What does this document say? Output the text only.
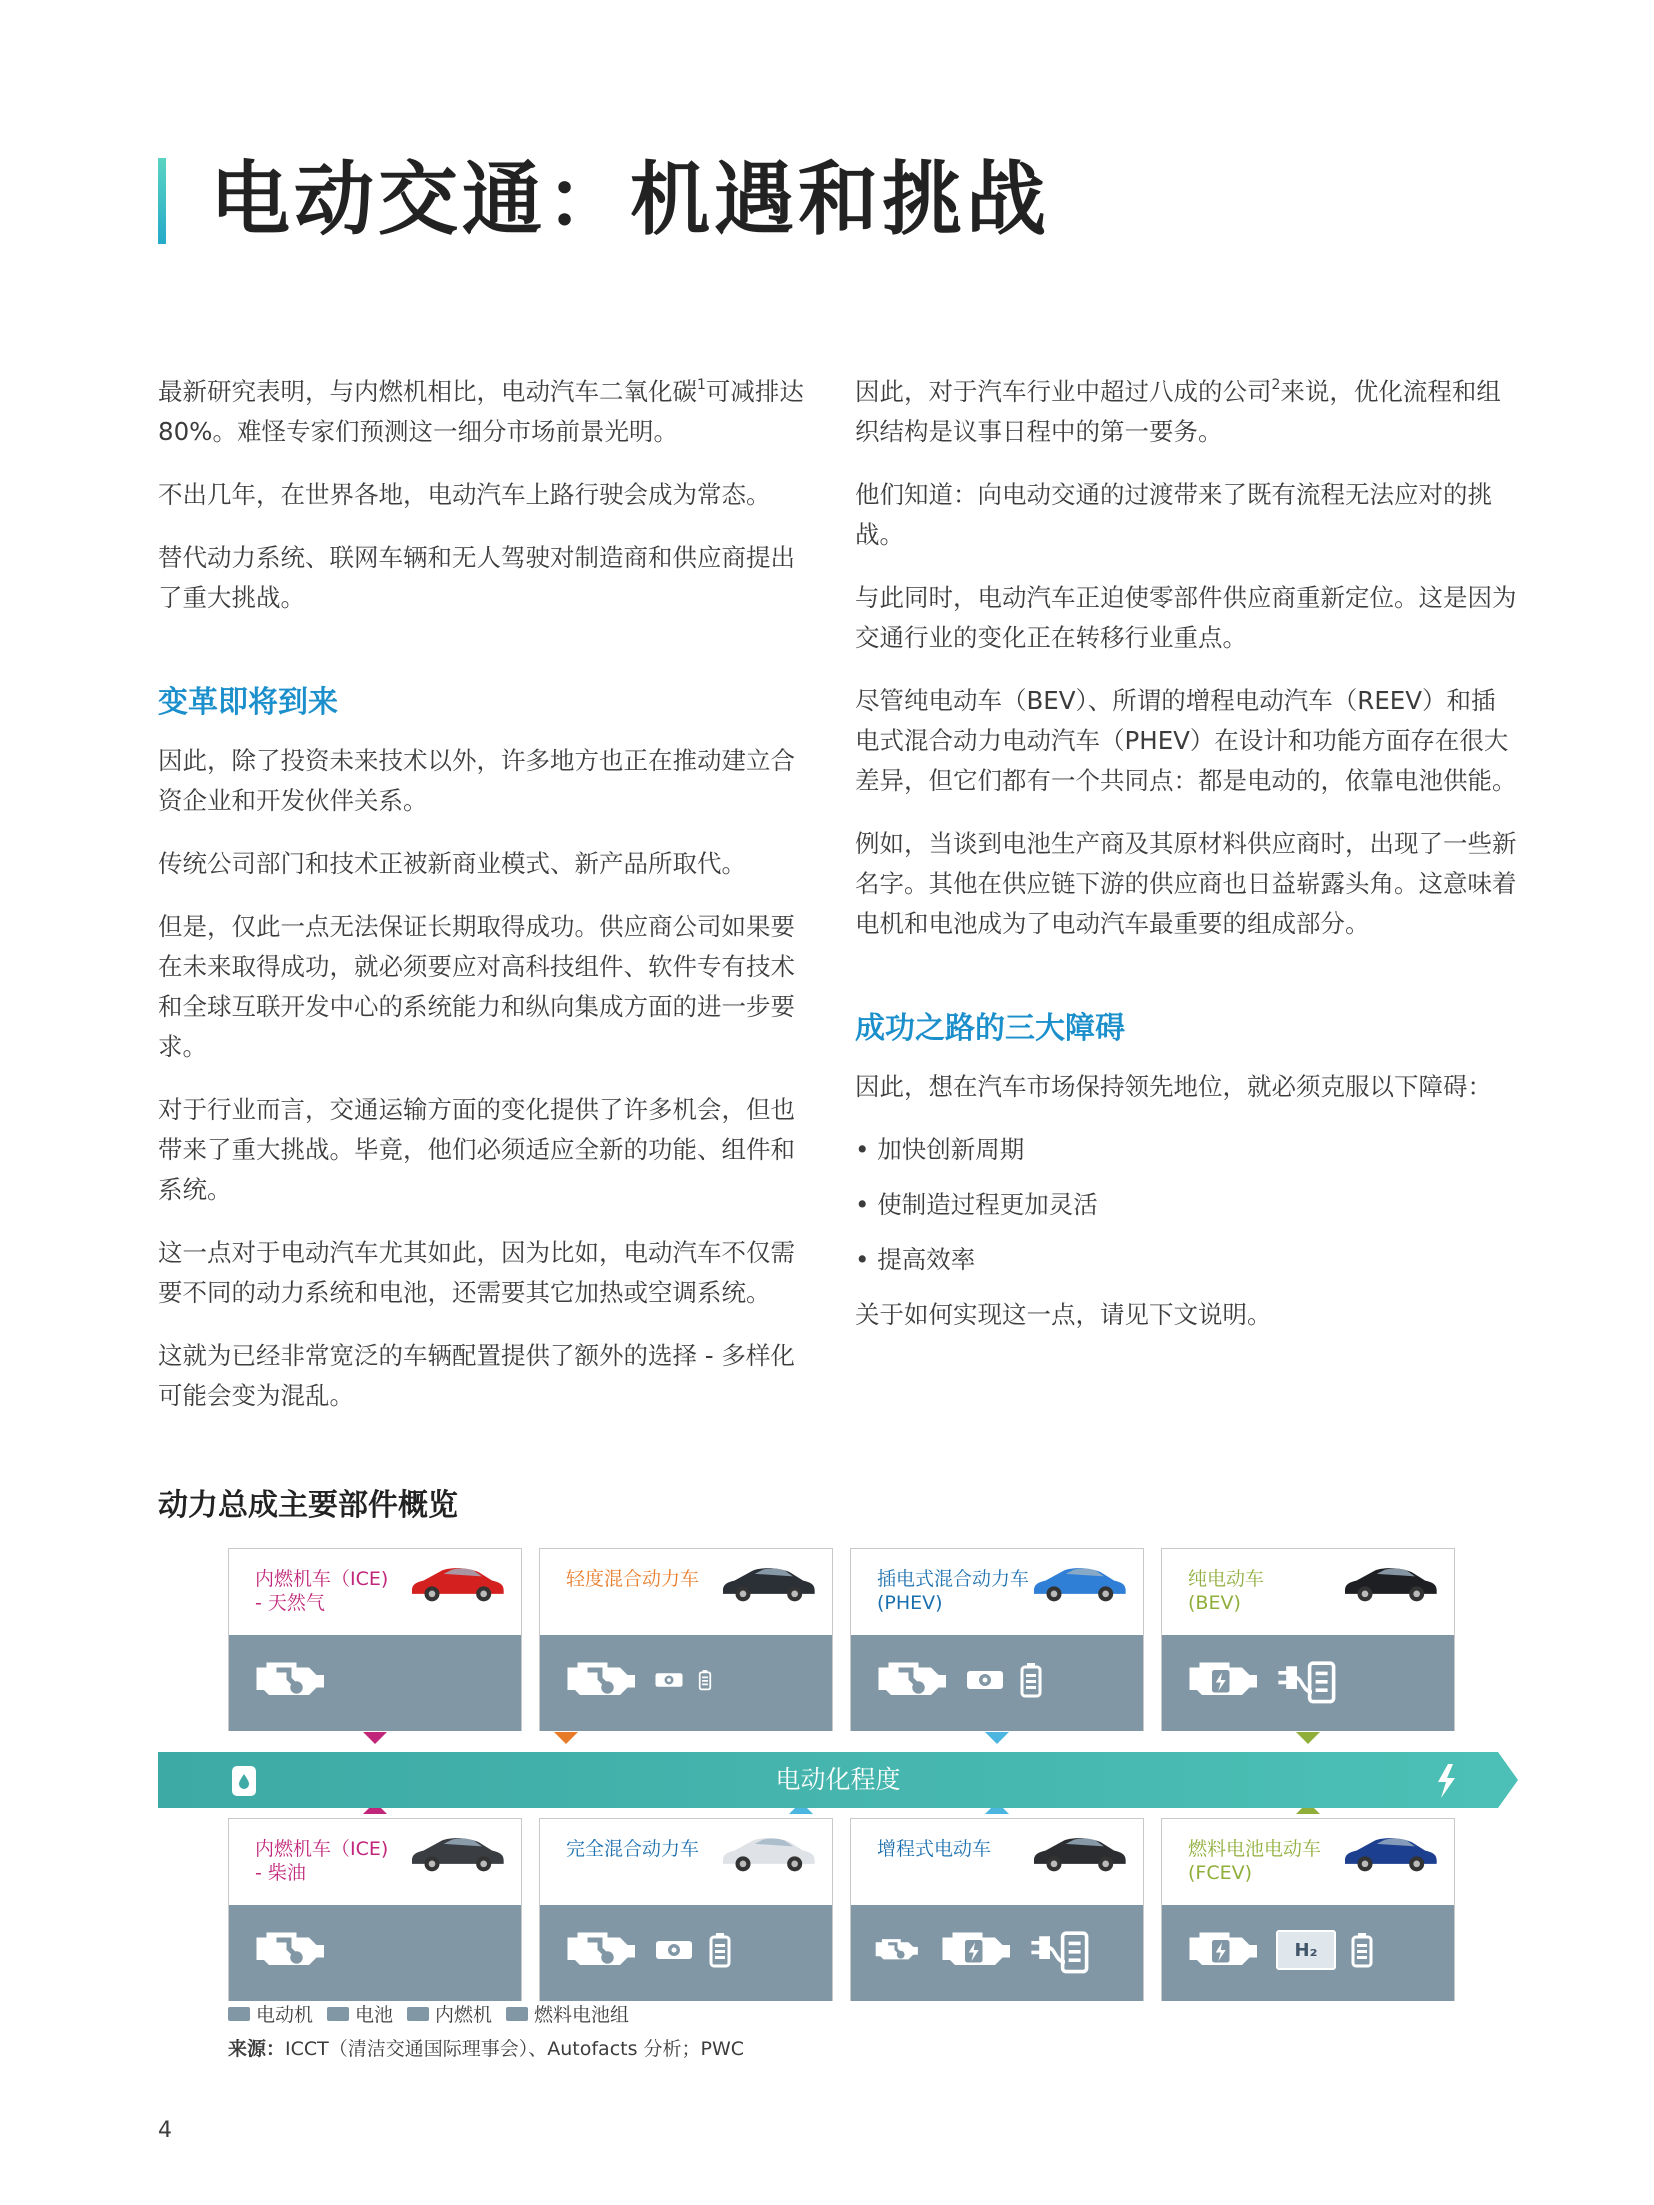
电动交通：机遇和挑战

最新研究表明，与内燃机相比，电动汽车二氧化碳$^1$可减排达 80%。难怪专家们预测这一细分市场前景光明。

不出几年，在世界各地，电动汽车上路行驶会成为常态。

替代动力系统、联网车辆和无人驾驶对制造商和供应商提出了重大挑战。

变革即将到来

因此，除了投资未来技术以外，许多地方也正在推动建立合资企业和开发伙伴关系。

传统公司部门和技术正被新商业模式、新产品所取代。

但是，仅此一点无法保证长期取得成功。供应商公司如果要在未来取得成功，就必须要应对高科技组件、软件专有技术和全球互联开发中心的系统能力和纵向集成方面的进一步要求。

对于行业而言，交通运输方面的变化提供了许多机会，但也带来了重大挑战。毕竟，他们必须适应全新的功能、组件和系统。

这一点对于电动汽车尤其如此，因为比如，电动汽车不仅需要不同的动力系统和电池，还需要其它加热或空调系统。

这就为已经非常宽泛的车辆配置提供了额外的选择 - 多样化可能会变为混乱。

因此，对于汽车行业中超过八成的公司$^2$来说，优化流程和组织结构是议事日程中的第一要务。

他们知道：向电动交通的过渡带来了既有流程无法应对的挑战。

与此同时，电动汽车正迫使零部件供应商重新定位。这是因为交通行业的变化正在转移行业重点。

尽管纯电动车（BEV）、所谓的增程电动汽车（REEV）和插电式混合动力电动汽车（PHEV）在设计和功能方面存在很大差异，但它们都有一个共同点：都是电动的，依靠电池供能。

例如，当谈到电池生产商及其原材料供应商时，出现了一些新名字。其他在供应链下游的供应商也日益崭露头角。这意味着电机和电池成为了电动汽车最重要的组成部分。

成功之路的三大障碍

因此，想在汽车市场保持领先地位，就必须克服以下障碍：

• 加快创新周期
• 使制造过程更加灵活
• 提高效率

关于如何实现这一点，请见下文说明。

动力总成主要部件概览
内燃机车（ICE)
- 天然气
轻度混合动力车	插电式混合动力车
(PHEV)
纯电动车
(BEV)
电动化程度
内燃机车（ICE)
- 柴油
完全混合动力车	增程式电动车	燃料电池电动车
(FCEV)
H₂
电动机 电池 内燃机 燃料电池组
来源：ICCT（清洁交通国际理事会）、Autofacts 分析；PWC
4
